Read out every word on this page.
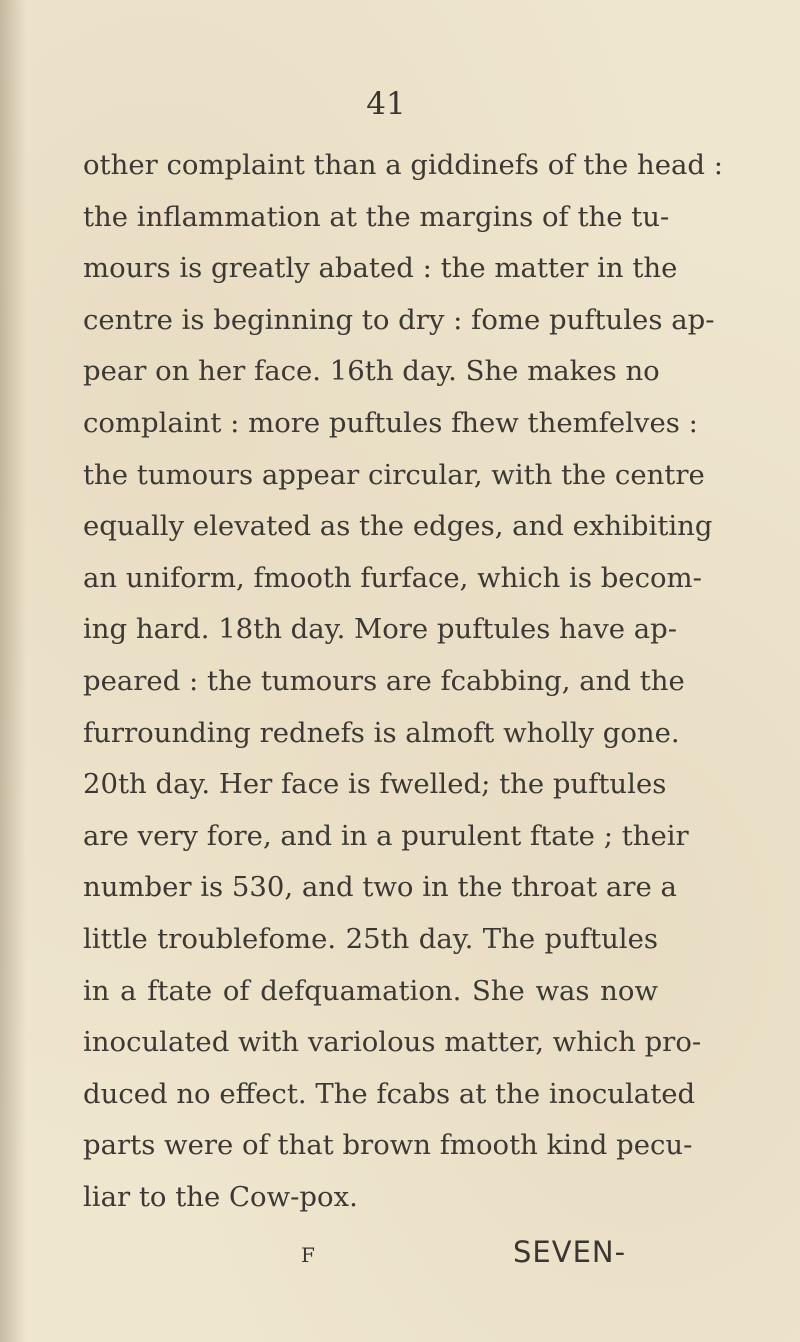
41
other complaint than a giddinefs of the head :
the inflammation at the margins of the tu-
mours is greatly abated : the matter in the
centre is beginning to dry : fome puftules ap-
pear on her face. 16th day. She makes no
complaint : more puftules fhew themfelves :
the tumours appear circular, with the centre
equally elevated as the edges, and exhibiting
an uniform, fmooth furface, which is becom-
ing hard. 18th day. More puftules have ap-
peared : the tumours are fcabbing, and the
furrounding rednefs is almoft wholly gone.
20th day. Her face is fwelled; the puftules
are very fore, and in a purulent ftate ; their
number is 530, and two in the throat are a
little troublefome. 25th day. The puftules
in a ftate of defquamation. She was now
inoculated with variolous matter, which pro-
duced no effect. The fcabs at the inoculated
parts were of that brown fmooth kind pecu-
liar to the Cow-pox.
F	SEVEN-
